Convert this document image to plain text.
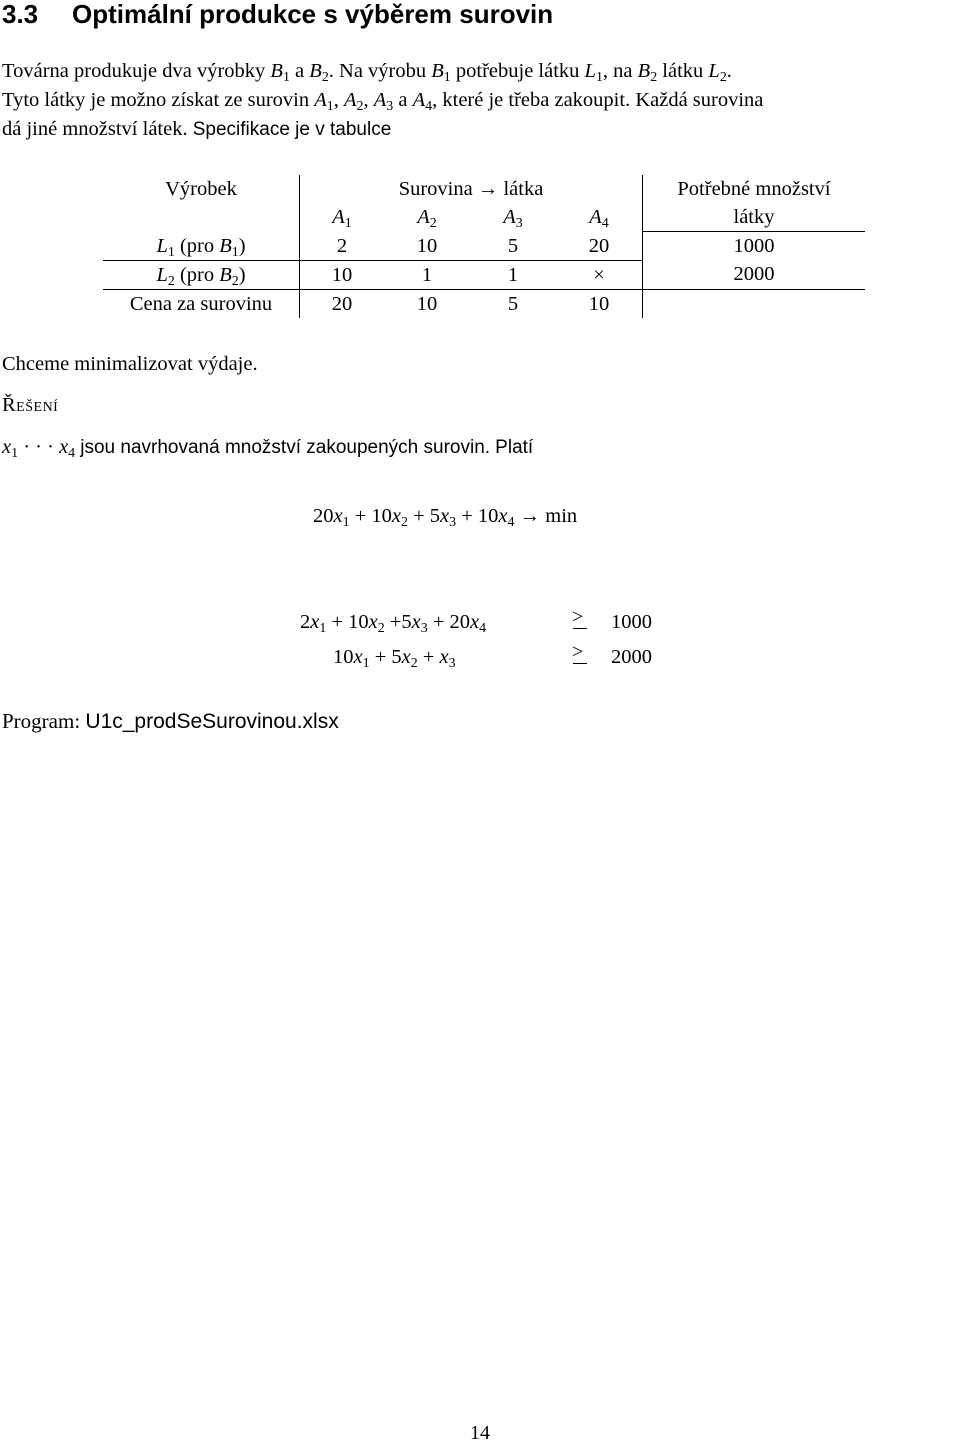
3.3 Optimální produkce s výběrem surovin
Továrna produkuje dva výrobky $B_1$ a $B_2$. Na výrobu $B_1$ potřebuje látku $L_1$, na $B_2$ látku $L_2$.
Tyto látky je možno získat ze surovin $A_1$, $A_2$, $A_3$ a $A_4$, které je třeba zakoupit. Každá surovina
dá jiné množství látek. Specifikace je v tabulce
Výrobek	Surovina → látka				Potřebné množství
	$A_1$	$A_2$	$A_3$	$A_4$	látky
$L_1$ (pro $B_1$)	2	10	5	20	1000
$L_2$ (pro $B_2$)	10	1	1	×	2000
Cena za surovinu	20	10	5	10	
Chceme minimalizovat výdaje.
Řešení
$x_1$ · · · $x_4$ jsou navrhovaná množství zakoupených surovin. Platí
$20x_1 + 10x_2 + 5x_3 + 10x_4 \to \min$
$2x_1 + 10x_2 +5x_3 + 20x_4$
> 1000
$10x_1 + 5x_2 + x_3$
> 2000
Program: U1c_prodSeSurovinou.xlsx
14
